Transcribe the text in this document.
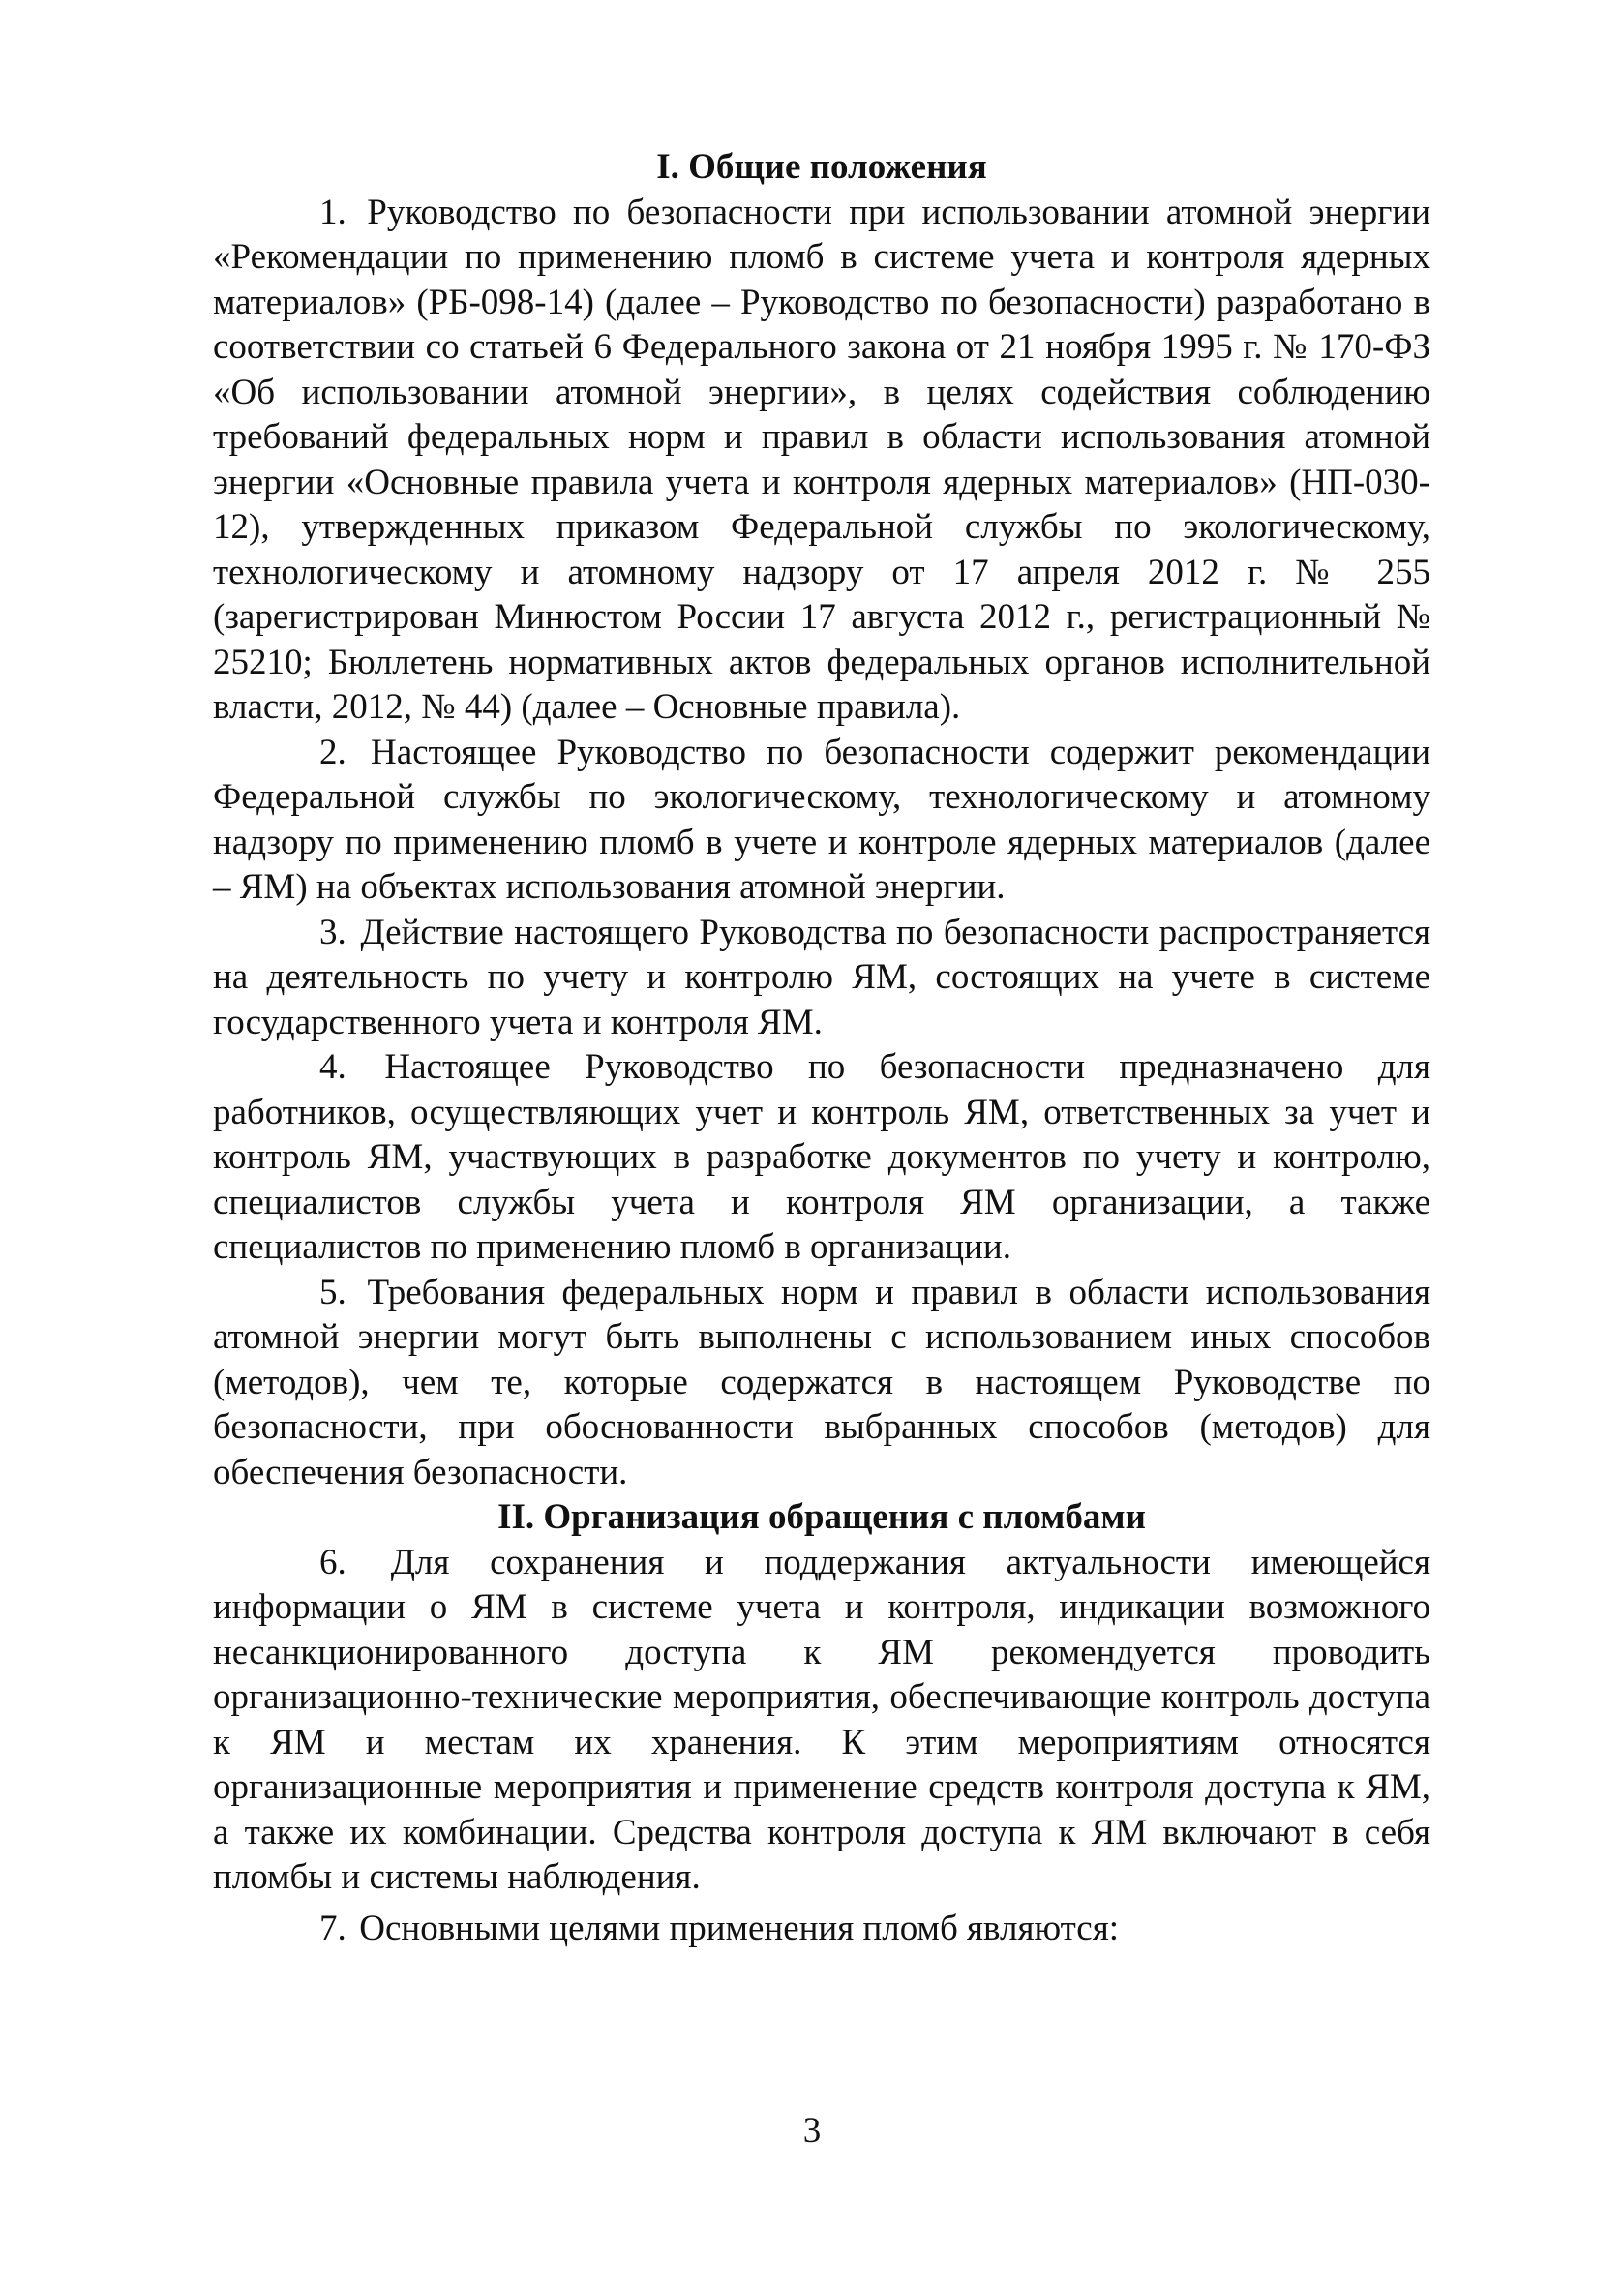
I. Общие положения

1. Руководство по безопасности при использовании атомной энергии «Рекомендации по применению пломб в системе учета и контроля ядерных материалов» (РБ-098-14) (далее – Руководство по безопасности) разработано в соответствии со статьей 6 Федерального закона от 21 ноября 1995 г. № 170-ФЗ «Об использовании атомной энергии», в целях содействия соблюдению требований федеральных норм и правил в области использования атомной энергии «Основные правила учета и контроля ядерных материалов» (НП-030-12), утвержденных приказом Федеральной службы по экологическому, технологическому и атомному надзору от 17 апреля 2012 г. № 255 (зарегистрирован Минюстом России 17 августа 2012 г., регистрационный № 25210; Бюллетень нормативных актов федеральных органов исполнительной власти, 2012, № 44) (далее – Основные правила).

2. Настоящее Руководство по безопасности содержит рекомендации Федеральной службы по экологическому, технологическому и атомному надзору по применению пломб в учете и контроле ядерных материалов (далее – ЯМ) на объектах использования атомной энергии.

3. Действие настоящего Руководства по безопасности распространяется на деятельность по учету и контролю ЯМ, состоящих на учете в системе государственного учета и контроля ЯМ.

4. Настоящее Руководство по безопасности предназначено для работников, осуществляющих учет и контроль ЯМ, ответственных за учет и контроль ЯМ, участвующих в разработке документов по учету и контролю, специалистов службы учета и контроля ЯМ организации, а также специалистов по применению пломб в организации.

5. Требования федеральных норм и правил в области использования атомной энергии могут быть выполнены с использованием иных способов (методов), чем те, которые содержатся в настоящем Руководстве по безопасности, при обоснованности выбранных способов (методов) для обеспечения безопасности.

II. Организация обращения с пломбами

6. Для сохранения и поддержания актуальности имеющейся информации о ЯМ в системе учета и контроля, индикации возможного несанкционированного доступа к ЯМ рекомендуется проводить организационно-технические мероприятия, обеспечивающие контроль доступа к ЯМ и местам их хранения. К этим мероприятиям относятся организационные мероприятия и применение средств контроля доступа к ЯМ, а также их комбинации. Средства контроля доступа к ЯМ включают в себя пломбы и системы наблюдения.

7. Основными целями применения пломб являются:

3
